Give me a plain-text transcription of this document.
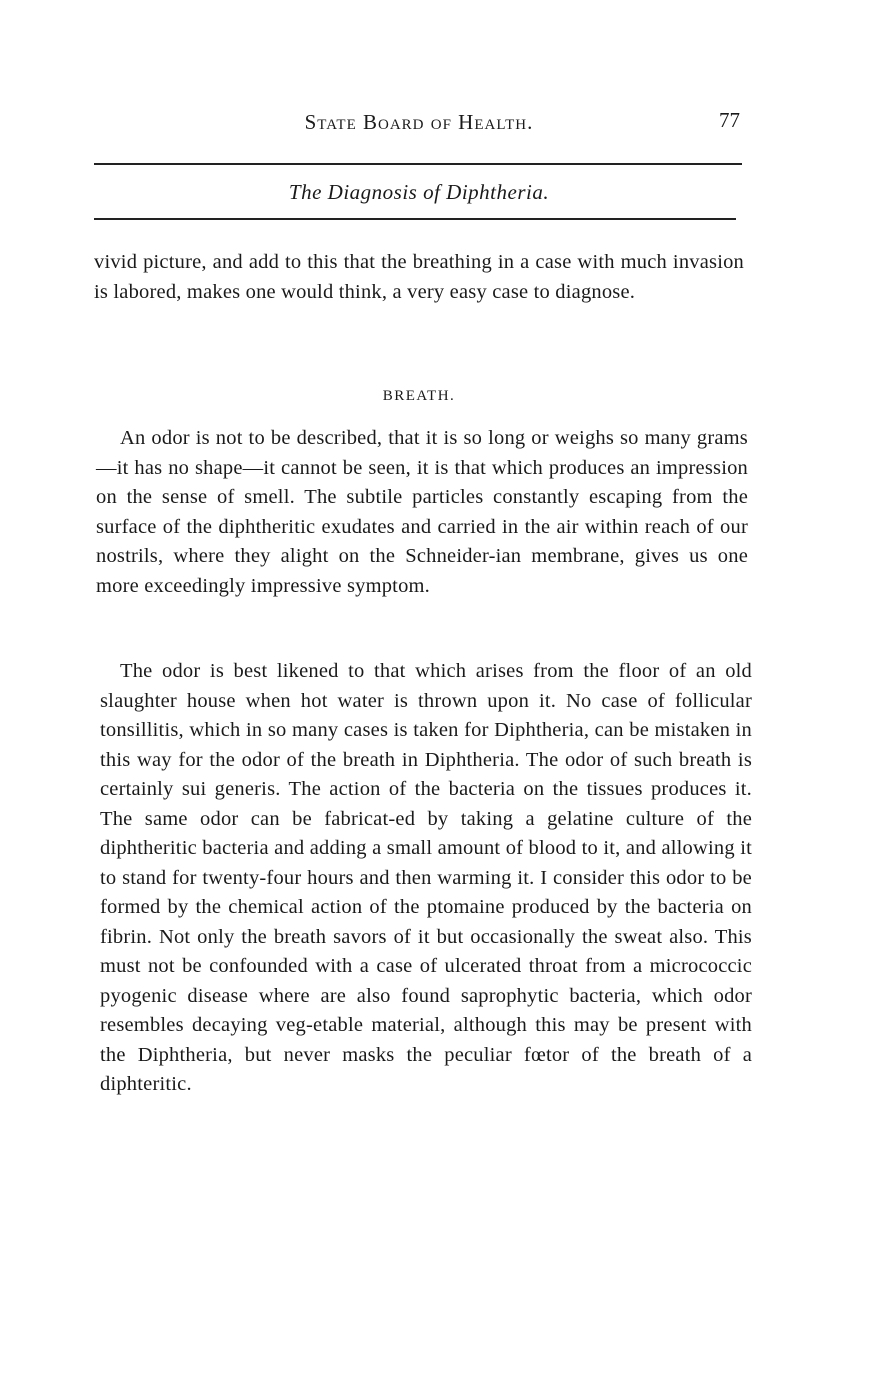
State Board of Health.	77
The Diagnosis of Diphtheria.

vivid picture, and add to this that the breathing in a case with much invasion is labored, makes one would think, a very easy case to diagnose.

BREATH.

An odor is not to be described, that it is so long or weighs so many grams—it has no shape—it cannot be seen, it is that which produces an impression on the sense of smell. The subtile particles constantly escaping from the surface of the diphtheritic exudates and carried in the air within reach of our nostrils, where they alight on the Schneider-ian membrane, gives us one more exceedingly impressive symptom.

The odor is best likened to that which arises from the floor of an old slaughter house when hot water is thrown upon it. No case of follicular tonsillitis, which in so many cases is taken for Diphtheria, can be mistaken in this way for the odor of the breath in Diphtheria. The odor of such breath is certainly sui generis. The action of the bacteria on the tissues produces it. The same odor can be fabricat-ed by taking a gelatine culture of the diphtheritic bacteria and adding a small amount of blood to it, and allowing it to stand for twenty-four hours and then warming it. I consider this odor to be formed by the chemical action of the ptomaine produced by the bacteria on fibrin. Not only the breath savors of it but occasionally the sweat also. This must not be confounded with a case of ulcerated throat from a micrococcic pyogenic disease where are also found saprophytic bacteria, which odor resembles decaying veg-etable material, although this may be present with the Diphtheria, but never masks the peculiar fœtor of the breath of a diphteritic.
